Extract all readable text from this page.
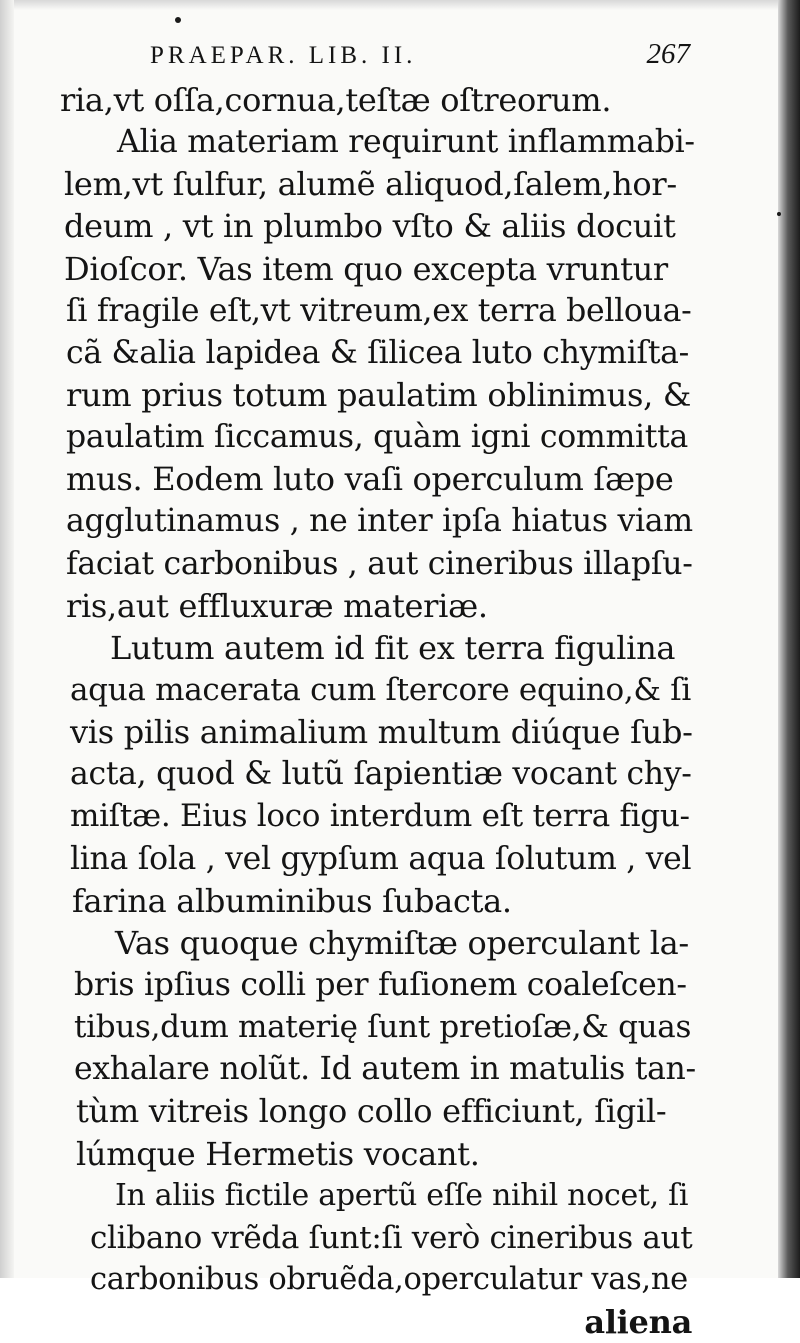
PRAEPAR. LIB. II.	267
ria,vt oſſa,cornua,teſtæ oſtreorum.
Alia materiam requirunt inflammabi-
lem,vt ſulfur, alumẽ aliquod,ſalem,hor-
deum , vt in plumbo vſto & aliis docuit
Dioſcor. Vas item quo excepta vruntur
ſi fragile eſt,vt vitreum,ex terra bellouа-
cã &alia lapidea & ſilicea luto chymiſta-
rum prius totum paulatim oblinimus, &
paulatim ſiccamus, quàm igni committa
mus. Eodem luto vaſi operculum ſæpe
agglutinamus , ne inter ipſa hiatus viam
faciat carbonibus , aut cineribus illapſu-
ris,aut effluxuræ materiæ.
Lutum autem id fit ex terra figulina
aqua macerata cum ſtercore equino,& ſi
vis pilis animalium multum diúque ſub-
acta, quod & lutũ ſapientiæ vocant chy-
miſtæ. Eius loco interdum eſt terra figu-
lina ſola , vel gypſum aqua ſolutum , vel
farina albuminibus ſubacta.
Vas quoque chymiſtæ operculant la-
bris ipſius colli per fuſionem coaleſcen-
tibus,dum materię ſunt pretioſæ,& quas
exhalare nolũt. Id autem in matulis tan-
tùm vitreis longo collo efficiunt, ſigil-
lúmque Hermetis vocant.
In aliis fictile apertũ eſſe nihil nocet, ſi
clibano vrẽda ſunt:ſi verò cineribus aut
carbonibus obruẽda,operculatur vas,ne
aliena
